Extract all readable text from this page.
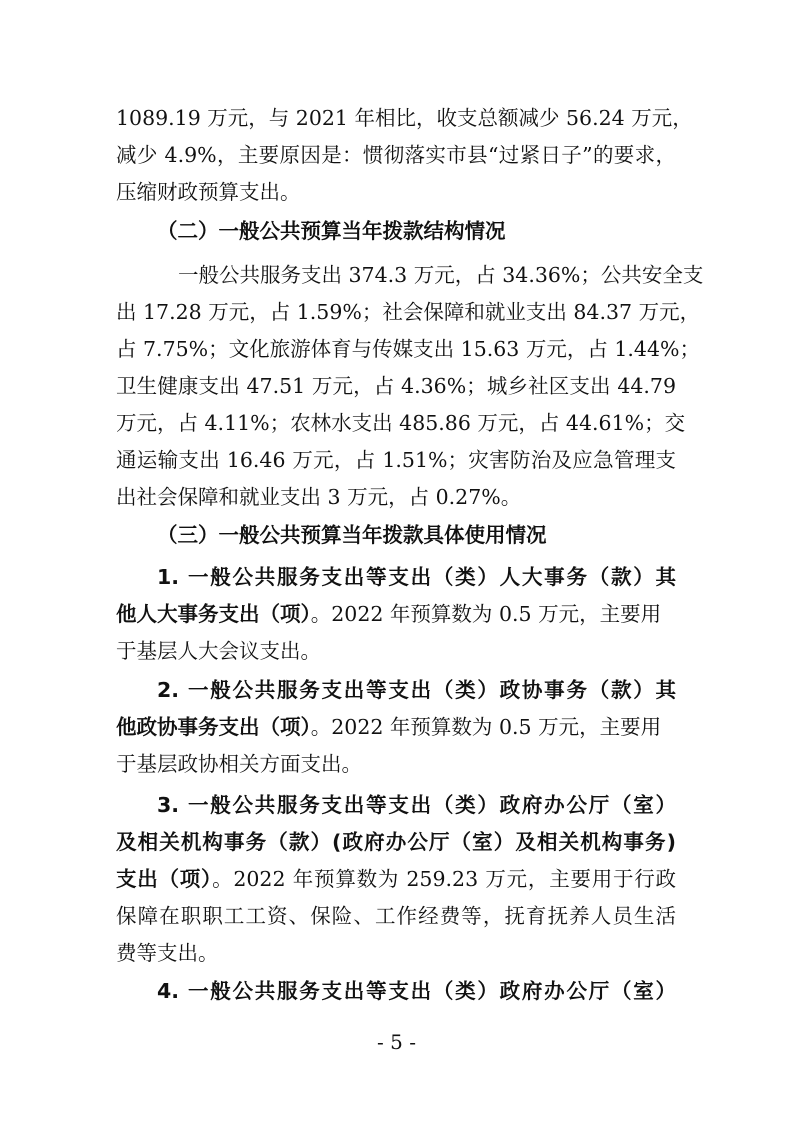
1089.19 万元，与 2021 年相比，收支总额减少 56.24 万元，
减少 4.9%，主要原因是：惯彻落实市县“过紧日子”的要求，
压缩财政预算支出。
（二）一般公共预算当年拨款结构情况
一般公共服务支出 374.3 万元，占 34.36%；公共安全支
出 17.28 万元，占 1.59%；社会保障和就业支出 84.37 万元，
占 7.75%；文化旅游体育与传媒支出 15.63 万元，占 1.44%；
卫生健康支出 47.51 万元，占 4.36%；城乡社区支出 44.79
万元，占 4.11%；农林水支出 485.86 万元，占 44.61%；交
通运输支出 16.46 万元，占 1.51%；灾害防治及应急管理支
出社会保障和就业支出 3 万元，占 0.27%。
（三）一般公共预算当年拨款具体使用情况
1. 一般公共服务支出等支出（类）人大事务（款）其
他人大事务支出（项）。2022 年预算数为 0.5 万元，主要用
于基层人大会议支出。
2. 一般公共服务支出等支出（类）政协事务（款）其
他政协事务支出（项）。2022 年预算数为 0.5 万元，主要用
于基层政协相关方面支出。
3. 一般公共服务支出等支出（类）政府办公厅（室）
及相关机构事务（款）(政府办公厅（室）及相关机构事务)
支出（项）。2022 年预算数为 259.23 万元，主要用于行政
保障在职职工工资、保险、工作经费等，抚育抚养人员生活
费等支出。
4. 一般公共服务支出等支出（类）政府办公厅（室）
- 5 -
